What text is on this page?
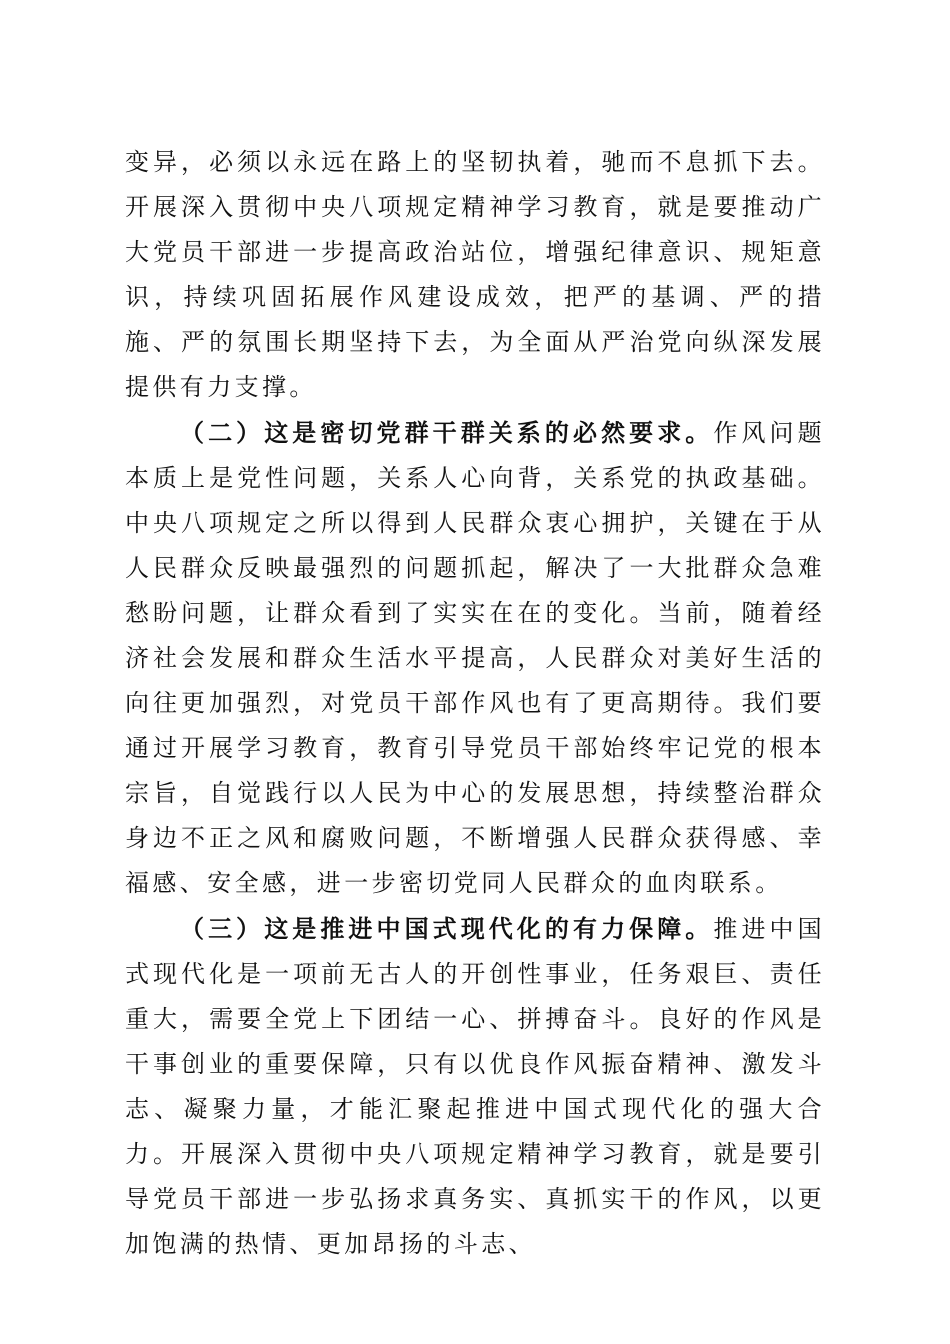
变异，必须以永远在路上的坚韧执着，驰而不息抓下去。开展深入贯彻中央八项规定精神学习教育，就是要推动广大党员干部进一步提高政治站位，增强纪律意识、规矩意识，持续巩固拓展作风建设成效，把严的基调、严的措施、严的氛围长期坚持下去，为全面从严治党向纵深发展提供有力支撑。

（二）这是密切党群干群关系的必然要求。作风问题本质上是党性问题，关系人心向背，关系党的执政基础。中央八项规定之所以得到人民群众衷心拥护，关键在于从人民群众反映最强烈的问题抓起，解决了一大批群众急难愁盼问题，让群众看到了实实在在的变化。当前，随着经济社会发展和群众生活水平提高，人民群众对美好生活的向往更加强烈，对党员干部作风也有了更高期待。我们要通过开展学习教育，教育引导党员干部始终牢记党的根本宗旨，自觉践行以人民为中心的发展思想，持续整治群众身边不正之风和腐败问题，不断增强人民群众获得感、幸福感、安全感，进一步密切党同人民群众的血肉联系。

（三）这是推进中国式现代化的有力保障。推进中国式现代化是一项前无古人的开创性事业，任务艰巨、责任重大，需要全党上下团结一心、拼搏奋斗。良好的作风是干事创业的重要保障，只有以优良作风振奋精神、激发斗志、凝聚力量，才能汇聚起推进中国式现代化的强大合力。开展深入贯彻中央八项规定精神学习教育，就是要引导党员干部进一步弘扬求真务实、真抓实干的作风，以更加饱满的热情、更加昂扬的斗志、
